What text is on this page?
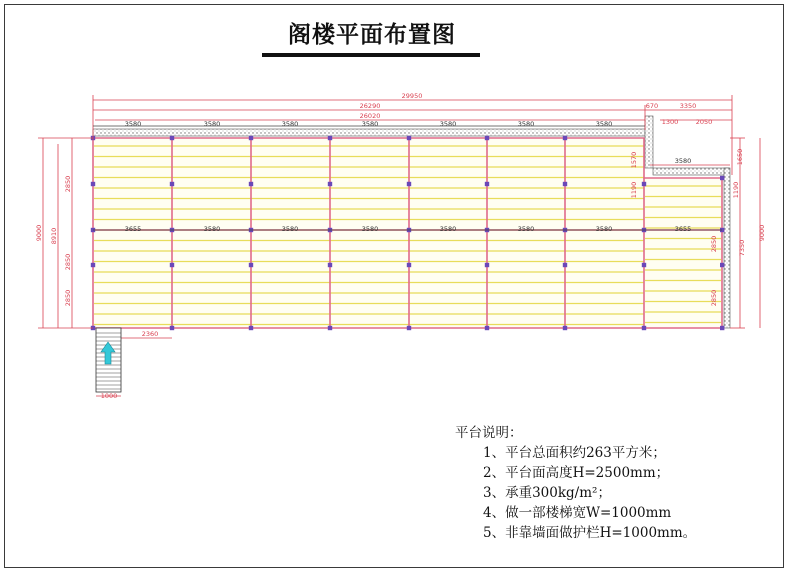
阁楼平面布置图
29950
26290
26020
670	3350
1300	2050
2360
1000
3580	3580	3580	3580	3580	3580	3580
3655	3580	3580	3580	3580	3580	3580	3655
3580
9000 8910
2850
2850
2850
9000
7350
1650
1190
1570
1190
2850
2850
平台说明：
1、平台总面积约263平方米；
2、平台面高度H=2500mm；
3、承重300kg/m²；
4、做一部楼梯宽W=1000mm
5、非靠墙面做护栏H=1000mm。
